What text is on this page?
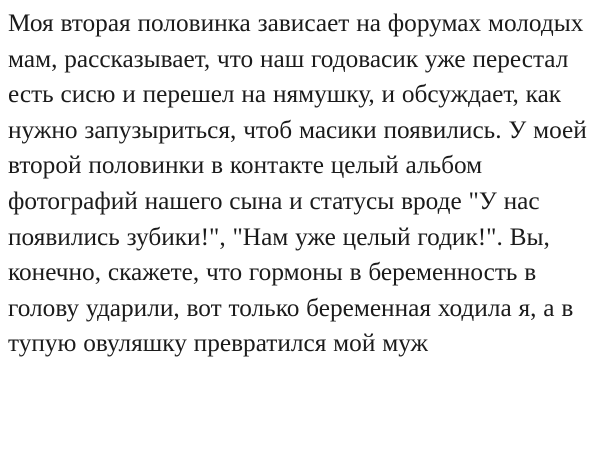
Моя вторая половинка зависает на форумах молодых мам, рассказывает, что наш годовасик уже перестал есть сисю и перешел на нямушку, и обсуждает, как нужно запузыриться, чтоб масики появились. У моей второй половинки в контакте целый альбом фотографий нашего сына и статусы вроде "У нас появились зубики!", "Нам уже целый годик!". Вы, конечно, скажете, что гормоны в беременность в голову ударили, вот только беременная ходила я, а в тупую овуляшку превратился мой муж
